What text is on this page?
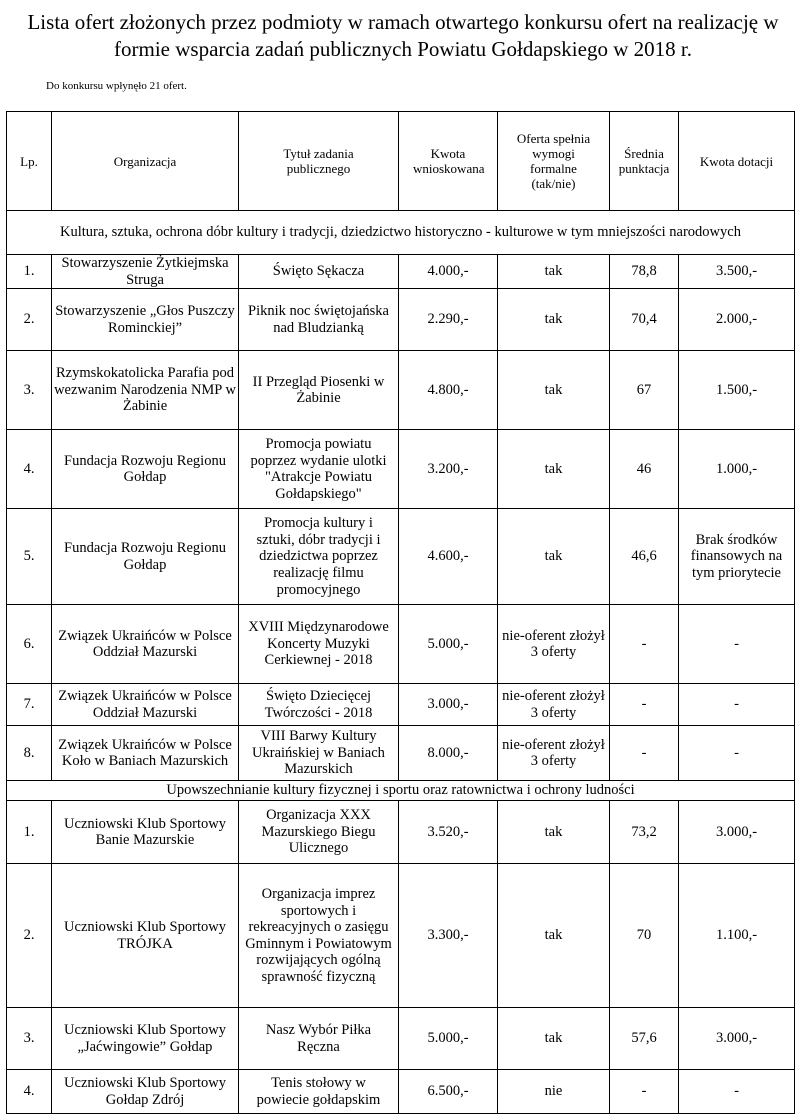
Lista ofert złożonych przez podmioty w ramach otwartego konkursu ofert na realizację w formie wsparcia zadań publicznych Powiatu Gołdapskiego w 2018 r.
Do konkursu wpłynęło 21 ofert.
Lp.	Organizacja	Tytuł zadania publicznego	Kwota wnioskowana	Oferta spełnia wymogi formalne (tak/nie)	Średnia punktacja	Kwota dotacji
Kultura, sztuka, ochrona dóbr kultury i tradycji, dziedzictwo historyczno - kulturowe w tym mniejszości narodowych						
1.	Stowarzyszenie Żytkiejmska Struga	Święto Sękacza	4.000,-	tak	78,8	3.500,-
2.	Stowarzyszenie „Głos Puszczy Rominckiej”	Piknik noc świętojańska nad Bludzianką	2.290,-	tak	70,4	2.000,-
3.	Rzymskokatolicka Parafia pod wezwanim Narodzenia NMP w Żabinie	II Przegląd Piosenki w Żabinie	4.800,-	tak	67	1.500,-
4.	Fundacja Rozwoju Regionu Gołdap	Promocja powiatu poprzez wydanie ulotki "Atrakcje Powiatu Gołdapskiego"	3.200,-	tak	46	1.000,-
5.	Fundacja Rozwoju Regionu Gołdap	Promocja kultury i sztuki, dóbr tradycji i dziedzictwa poprzez realizację filmu promocyjnego	4.600,-	tak	46,6	Brak środków finansowych na tym priorytecie
6.	Związek Ukraińców w Polsce Oddział Mazurski	XVIII Międzynarodowe Koncerty Muzyki Cerkiewnej - 2018	5.000,-	nie-oferent złożył 3 oferty	-	-
7.	Związek Ukraińców w Polsce Oddział Mazurski	Święto Dziecięcej Twórczości - 2018	3.000,-	nie-oferent złożył 3 oferty	-	-
8.	Związek Ukraińców w Polsce Koło w Baniach Mazurskich	VIII Barwy Kultury Ukraińskiej w Baniach Mazurskich	8.000,-	nie-oferent złożył 3 oferty	-	-
Upowszechnianie kultury fizycznej i sportu oraz ratownictwa i ochrony ludności						
1.	Uczniowski Klub Sportowy Banie Mazurskie	Organizacja XXX Mazurskiego Biegu Ulicznego	3.520,-	tak	73,2	3.000,-
2.	Uczniowski Klub Sportowy TRÓJKA	Organizacja imprez sportowych i rekreacyjnych o zasięgu Gminnym i Powiatowym rozwijających ogólną sprawność fizyczną	3.300,-	tak	70	1.100,-
3.	Uczniowski Klub Sportowy „Jaćwingowie” Gołdap	Nasz Wybór Piłka Ręczna	5.000,-	tak	57,6	3.000,-
4.	Uczniowski Klub Sportowy Gołdap Zdrój	Tenis stołowy w powiecie gołdapskim	6.500,-	nie	-	-
